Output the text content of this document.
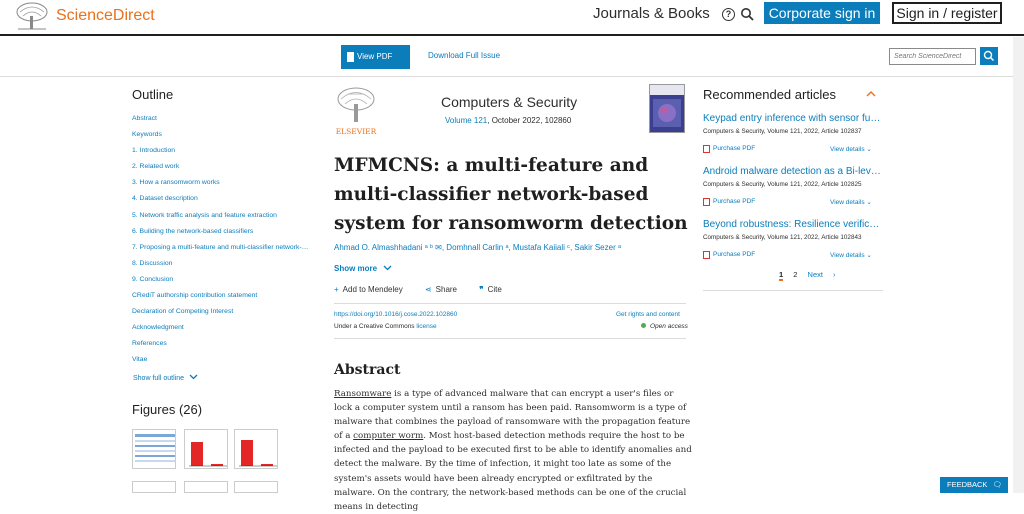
ScienceDirect	Journals & Books	?	Corporate sign in	Sign in / register
View PDF	Download Full Issue
Search ScienceDirect
Outline
Abstract
Keywords
1. Introduction
2. Related work
3. How a ransomworm works
4. Dataset description
5. Network traffic analysis and feature extraction
6. Building the network-based classifiers
7. Proposing a multi-feature and multi-classifier network-…
8. Discussion
9. Conclusion
CRediT authorship contribution statement
Declaration of Competing Interest
Acknowledgment
References
Vitae
Show full outline
Figures (26)
ELSEVIER
Computers & Security
Volume 121, October 2022, 102860
MFMCNS: a multi-feature and multi-classifier network-based system for ransomworm detection
Ahmad O. Almashhadani ᵃ ᵇ ✉, Domhnall Carlin ᵃ, Mustafa Kaiiali ᶜ, Sakir Sezer ᵃ
Show more
+ Add to Mendeley	⋖ Share	❞ Cite
https://doi.org/10.1016/j.cose.2022.102860	Get rights and content
Under a Creative Commons license	Open access
Abstract
Ransomware is a type of advanced malware that can encrypt a user's files or lock a computer system until a ransom has been paid. Ransomworm is a type of malware that combines the payload of ransomware with the propagation feature of a computer worm. Most host-based detection methods require the host to be infected and the payload to be executed first to be able to identify anomalies and detect the malware. By the time of infection, it might too late as some of the system's assets would have been already encrypted or exfiltrated by the malware. On the contrary, the network-based methods can be one of the crucial means in detecting
Recommended articles
Keypad entry inference with sensor fu…
Computers & Security, Volume 121, 2022, Article 102837
Purchase PDF	View details ⌄
Android malware detection as a Bi-lev…
Computers & Security, Volume 121, 2022, Article 102825
Purchase PDF	View details ⌄
Beyond robustness: Resilience verific…
Computers & Security, Volume 121, 2022, Article 102843
Purchase PDF	View details ⌄
1 2 Next ›
FEEDBACK 🗨
